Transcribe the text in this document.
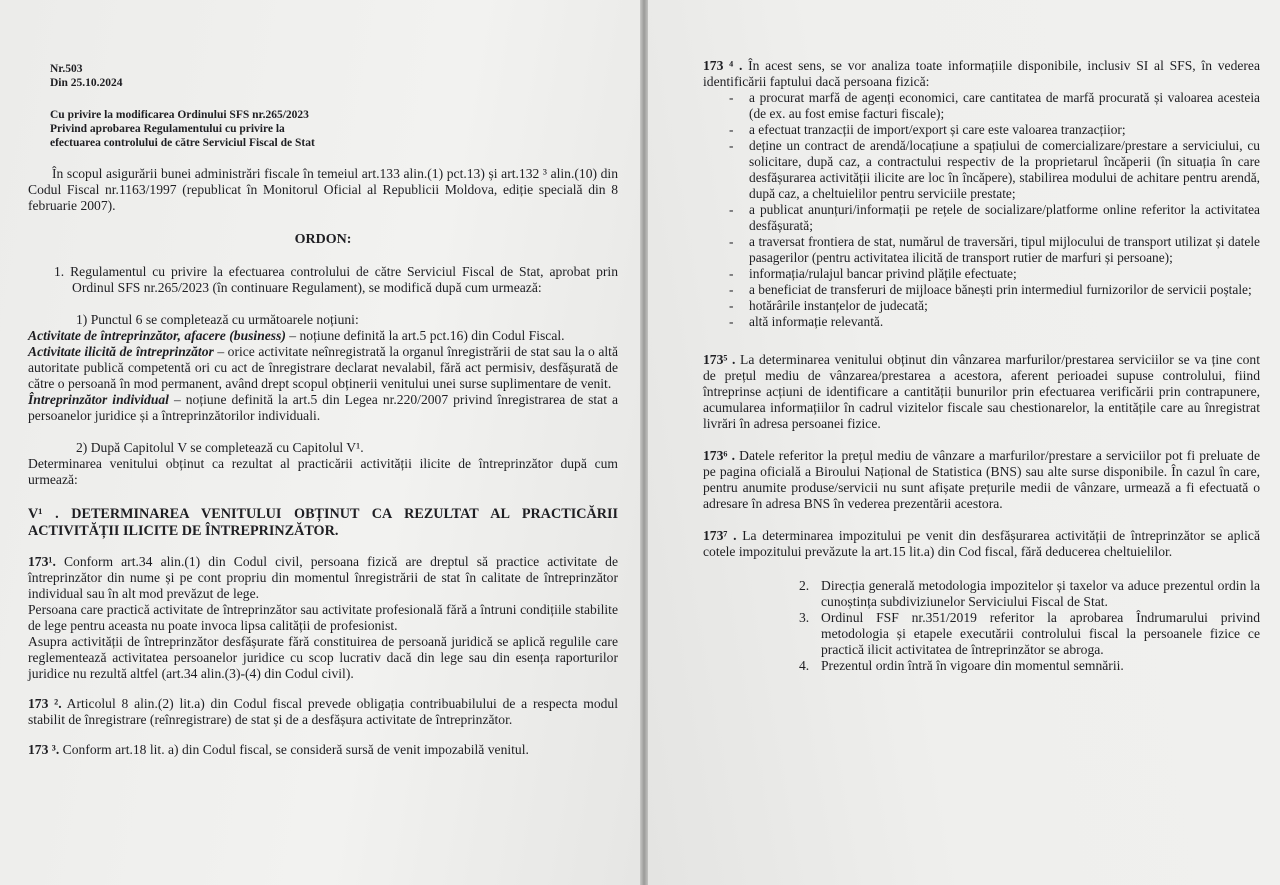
Nr.503

Din 25.10.2024

Cu privire la modificarea Ordinului SFS nr.265/2023

Privind aprobarea Regulamentului cu privire la

efectuarea controlului de către Serviciul Fiscal de Stat

În scopul asigurării bunei administrări fiscale în temeiul art.133 alin.(1) pct.13) și art.132 ³ alin.(10) din Codul Fiscal nr.1163/1997 (republicat în Monitorul Oficial al Republicii Moldova, ediție specială din 8 februarie 2007).

ORDON:

1. Regulamentul cu privire la efectuarea controlului de către Serviciul Fiscal de Stat, aprobat prin Ordinul SFS nr.265/2023 (în continuare Regulament), se modifică după cum urmează:

1) Punctul 6 se completează cu următoarele noțiuni:

Activitate de întreprinzător, afacere (business) – noțiune definită la art.5 pct.16) din Codul Fiscal.

Activitate ilicită de întreprinzător – orice activitate neînregistrată la organul înregistrării de stat sau la o altă autoritate publică competentă ori cu act de înregistrare declarat nevalabil, fără act permisiv, desfășurată de către o persoană în mod permanent, având drept scopul obținerii venitului unei surse suplimentare de venit.

Întreprinzător individual – noțiune definită la art.5 din Legea nr.220/2007 privind înregistrarea de stat a persoanelor juridice și a întreprinzătorilor individuali.

2) După Capitolul V se completează cu Capitolul V¹.

Determinarea venitului obținut ca rezultat al practicării activității ilicite de întreprinzător după cum urmează:

V¹ . DETERMINAREA VENITULUI OBȚINUT CA REZULTAT AL PRACTICĂRII ACTIVITĂȚII ILICITE DE ÎNTREPRINZĂTOR.

173¹. Conform art.34 alin.(1) din Codul civil, persoana fizică are dreptul să practice activitate de întreprinzător din nume și pe cont propriu din momentul înregistrării de stat în calitate de întreprinzător individual sau în alt mod prevăzut de lege.

Persoana care practică activitate de întreprinzător sau activitate profesională fără a întruni condițiile stabilite de lege pentru aceasta nu poate invoca lipsa calității de profesionist.

Asupra activității de întreprinzător desfășurate fără constituirea de persoană juridică se aplică regulile care reglementează activitatea persoanelor juridice cu scop lucrativ dacă din lege sau din esența raporturilor juridice nu rezultă altfel (art.34 alin.(3)-(4) din Codul civil).

173 ². Articolul 8 alin.(2) lit.a) din Codul fiscal prevede obligația contribuabilului de a respecta modul stabilit de înregistrare (reînregistrare) de stat și de a desfășura activitate de întreprinzător.

173 ³. Conform art.18 lit. a) din Codul fiscal, se consideră sursă de venit impozabilă venitul.

173 ⁴ . În acest sens, se vor analiza toate informațiile disponibile, inclusiv SI al SFS, în vederea identificării faptului dacă persoana fizică:

- a procurat marfă de agenți economici, care cantitatea de marfă procurată și valoarea acesteia (de ex. au fost emise facturi fiscale);
- a efectuat tranzacții de import/export și care este valoarea tranzacțiior;
- deține un contract de arendă/locațiune a spațiului de comercializare/prestare a serviciului, cu solicitare, după caz, a contractului respectiv de la proprietarul încăperii (în situația în care desfășurarea activității ilicite are loc în încăpere), stabilirea modului de achitare pentru arendă, după caz, a cheltuielilor pentru serviciile prestate;
- a publicat anunțuri/informații pe rețele de socializare/platforme online referitor la activitatea desfășurată;
- a traversat frontiera de stat, numărul de traversări, tipul mijlocului de transport utilizat și datele pasagerilor (pentru activitatea ilicită de transport rutier de marfuri și persoane);
- informația/rulajul bancar privind plățile efectuate;
- a beneficiat de transferuri de mijloace bănești prin intermediul furnizorilor de servicii poștale;
- hotărârile instanțelor de judecată;
- altă informație relevantă.

173⁵ . La determinarea venitului obținut din vânzarea marfurilor/prestarea serviciilor se va ține cont de prețul mediu de vânzarea/prestarea a acestora, aferent perioadei supuse controlului, fiind întreprinse acțiuni de identificare a cantității bunurilor prin efectuarea verificării prin contrapunere, acumularea informațiilor în cadrul vizitelor fiscale sau chestionarelor, la entitățile care au înregistrat livrări în adresa persoanei fizice.

173⁶ . Datele referitor la prețul mediu de vânzare a marfurilor/prestare a serviciilor pot fi preluate de pe pagina oficială a Biroului Național de Statistica (BNS) sau alte surse disponibile. În cazul în care, pentru anumite produse/servicii nu sunt afișate prețurile medii de vânzare, urmează a fi efectuată o adresare în adresa BNS în vederea prezentării acestora.

173⁷ . La determinarea impozitului pe venit din desfășurarea activității de întreprinzător se aplică cotele impozitului prevăzute la art.15 lit.a) din Cod fiscal, fără deducerea cheltuielilor.

2. Direcția generală metodologia impozitelor și taxelor va aduce prezentul ordin la cunoștința subdiviziunelor Serviciului Fiscal de Stat.
3. Ordinul FSF nr.351/2019 referitor la aprobarea Îndrumarului privind metodologia și etapele executării controlului fiscal la persoanele fizice ce practică ilicit activitatea de întreprinzător se abroga.
4. Prezentul ordin întră în vigoare din momentul semnării.
